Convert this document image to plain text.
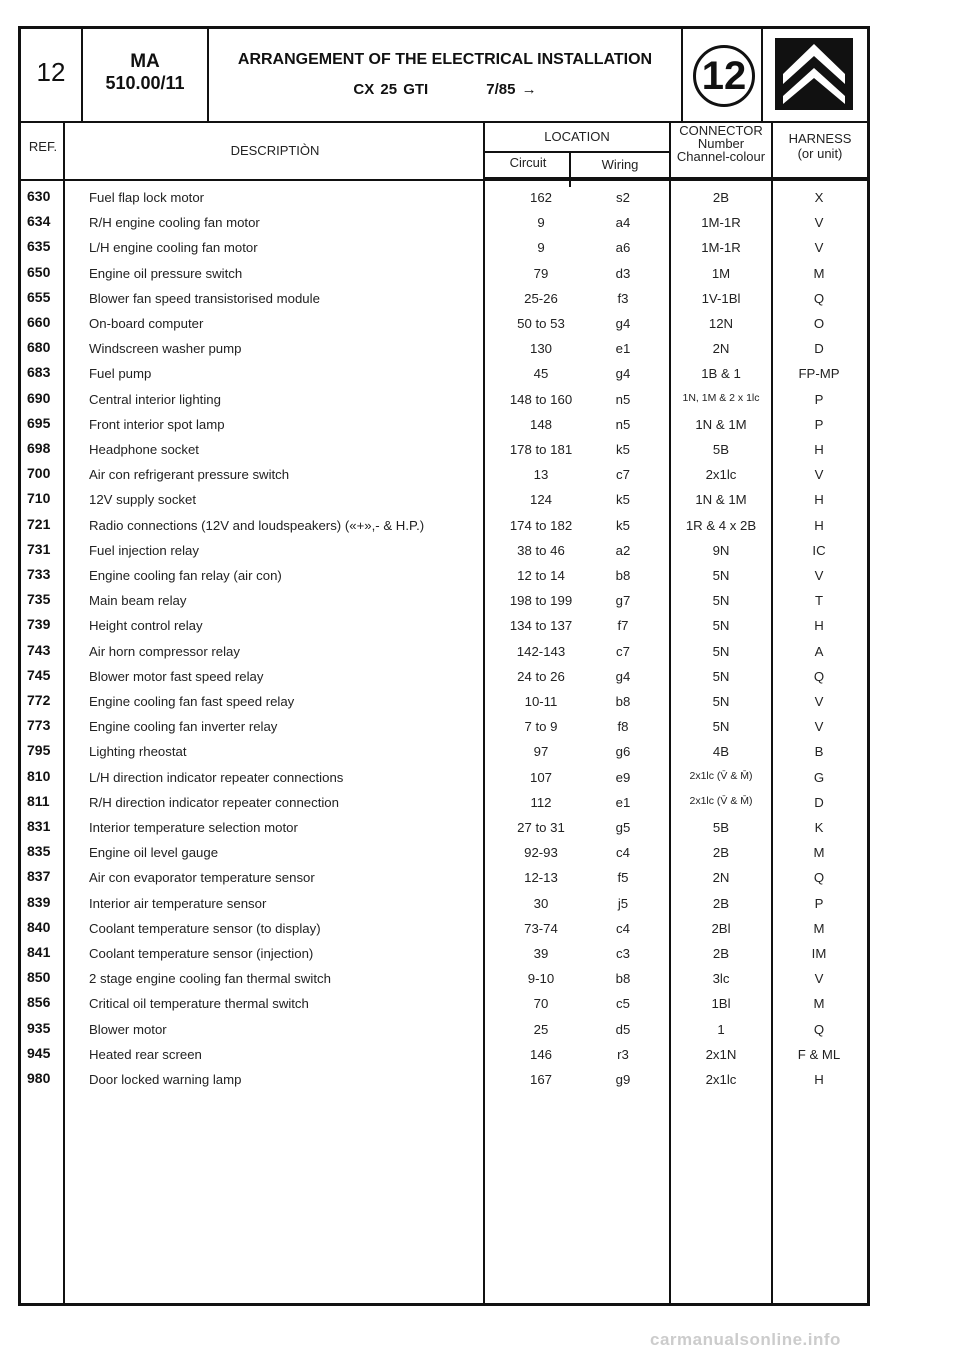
12	MA
510.00/11
ARRANGEMENT OF THE ELECTRICAL INSTALLATION
CX 25 GTI	7/85 →	12
REF.	DESCRIPTIÒN
LOCATION
Circuit	Wiring
CONNECTOR
Number
Channel-colour
HARNESS
(or unit)
630	Fuel flap lock motor	162	s2	2B	X
634	R/H engine cooling fan motor	9	a4	1M-1R	V
635	L/H engine cooling fan motor	9	a6	1M-1R	V
650	Engine oil pressure switch	79	d3	1M	M
655	Blower fan speed transistorised module	25-26	f3	1V-1Bl	Q
660	On-board computer	50 to 53	g4	12N	O
680	Windscreen washer pump	130	e1	2N	D
683	Fuel pump	45	g4	1B & 1	FP-MP
690	Central interior lighting	148 to 160	n5	1N, 1M & 2 x 1lc	P
695	Front interior spot lamp	148	n5	1N & 1M	P
698	Headphone socket	178 to 181	k5	5B	H
700	Air con refrigerant pressure switch	13	c7	2x1lc	V
710	12V supply socket	124	k5	1N & 1M	H
721	Radio connections (12V and loudspeakers) («+»,- & H.P.)	174 to 182	k5	1R & 4 x 2B	H
731	Fuel injection relay	38 to 46	a2	9N	IC
733	Engine cooling fan relay (air con)	12 to 14	b8	5N	V
735	Main beam relay	198 to 199	g7	5N	T
739	Height control relay	134 to 137	f7	5N	H
743	Air horn compressor relay	142-143	c7	5N	A
745	Blower motor fast speed relay	24 to 26	g4	5N	Q
772	Engine cooling fan fast speed relay	10-11	b8	5N	V
773	Engine cooling fan inverter relay	7 to 9	f8	5N	V
795	Lighting rheostat	97	g6	4B	B
810	L/H direction indicator repeater connections	107	e9	2x1lc (V̄ & M̄)	G
811	R/H direction indicator repeater connection	112	e1	2x1lc (V̄ & M̄)	D
831	Interior temperature selection motor	27 to 31	g5	5B	K
835	Engine oil level gauge	92-93	c4	2B	M
837	Air con evaporator temperature sensor	12-13	f5	2N	Q
839	Interior air temperature sensor	30	j5	2B	P
840	Coolant temperature sensor (to display)	73-74	c4	2Bl	M
841	Coolant temperature sensor (injection)	39	c3	2B	IM
850	2 stage engine cooling fan thermal switch	9-10	b8	3lc	V
856	Critical oil temperature thermal switch	70	c5	1Bl	M
935	Blower motor	25	d5	1	Q
945	Heated rear screen	146	r3	2x1N	F & ML
980	Door locked warning lamp	167	g9	2x1lc	H
carmanualsonline.info
